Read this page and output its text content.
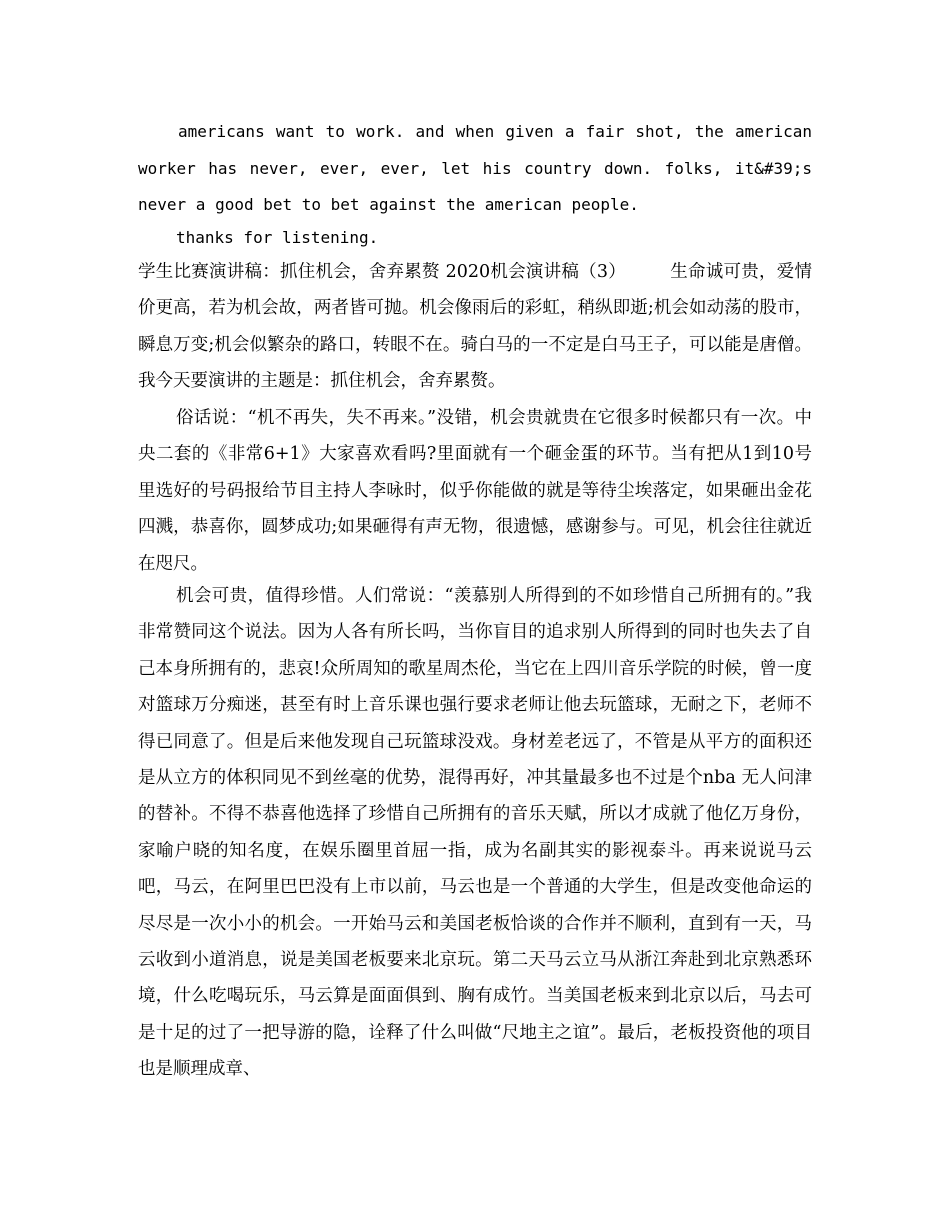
americans want to work. and when given a fair shot, the american worker has never, ever, ever, let his country down. folks, it&#39;s never a good bet to bet against the american people.

thanks for listening.

学生比赛演讲稿：抓住机会，舍弃累赘 2020机会演讲稿（3）	生命诚可贵，爱情价更高，若为机会故，两者皆可抛。机会像雨后的彩虹，稍纵即逝;机会如动荡的股市，瞬息万变;机会似繁杂的路口，转眼不在。骑白马的一不定是白马王子，可以能是唐僧。我今天要演讲的主题是：抓住机会，舍弃累赘。

俗话说：“机不再失，失不再来。”没错，机会贵就贵在它很多时候都只有一次。中央二套的《非常6+1》大家喜欢看吗?里面就有一个砸金蛋的环节。当有把从1到10号里选好的号码报给节目主持人李咏时，似乎你能做的就是等待尘埃落定，如果砸出金花四溅，恭喜你，圆梦成功;如果砸得有声无物，很遗憾，感谢参与。可见，机会往往就近在咫尺。

机会可贵，值得珍惜。人们常说：“羡慕别人所得到的不如珍惜自己所拥有的。”我非常赞同这个说法。因为人各有所长吗，当你盲目的追求别人所得到的同时也失去了自己本身所拥有的，悲哀!众所周知的歌星周杰伦，当它在上四川音乐学院的时候，曾一度对篮球万分痴迷，甚至有时上音乐课也强行要求老师让他去玩篮球，无耐之下，老师不得已同意了。但是后来他发现自己玩篮球没戏。身材差老远了，不管是从平方的面积还是从立方的体积同见不到丝毫的优势，混得再好，冲其量最多也不过是个nba 无人问津的替补。不得不恭喜他选择了珍惜自己所拥有的音乐天赋，所以才成就了他亿万身份，家喻户晓的知名度，在娱乐圈里首屈一指，成为名副其实的影视泰斗。再来说说马云吧，马云，在阿里巴巴没有上市以前，马云也是一个普通的大学生，但是改变他命运的尽尽是一次小小的机会。一开始马云和美国老板恰谈的合作并不顺利，直到有一天，马云收到小道消息，说是美国老板要来北京玩。第二天马云立马从浙江奔赴到北京熟悉环境，什么吃喝玩乐，马云算是面面俱到、胸有成竹。当美国老板来到北京以后，马去可是十足的过了一把导游的隐，诠释了什么叫做“尺地主之谊”。最后，老板投资他的项目也是顺理成章、
